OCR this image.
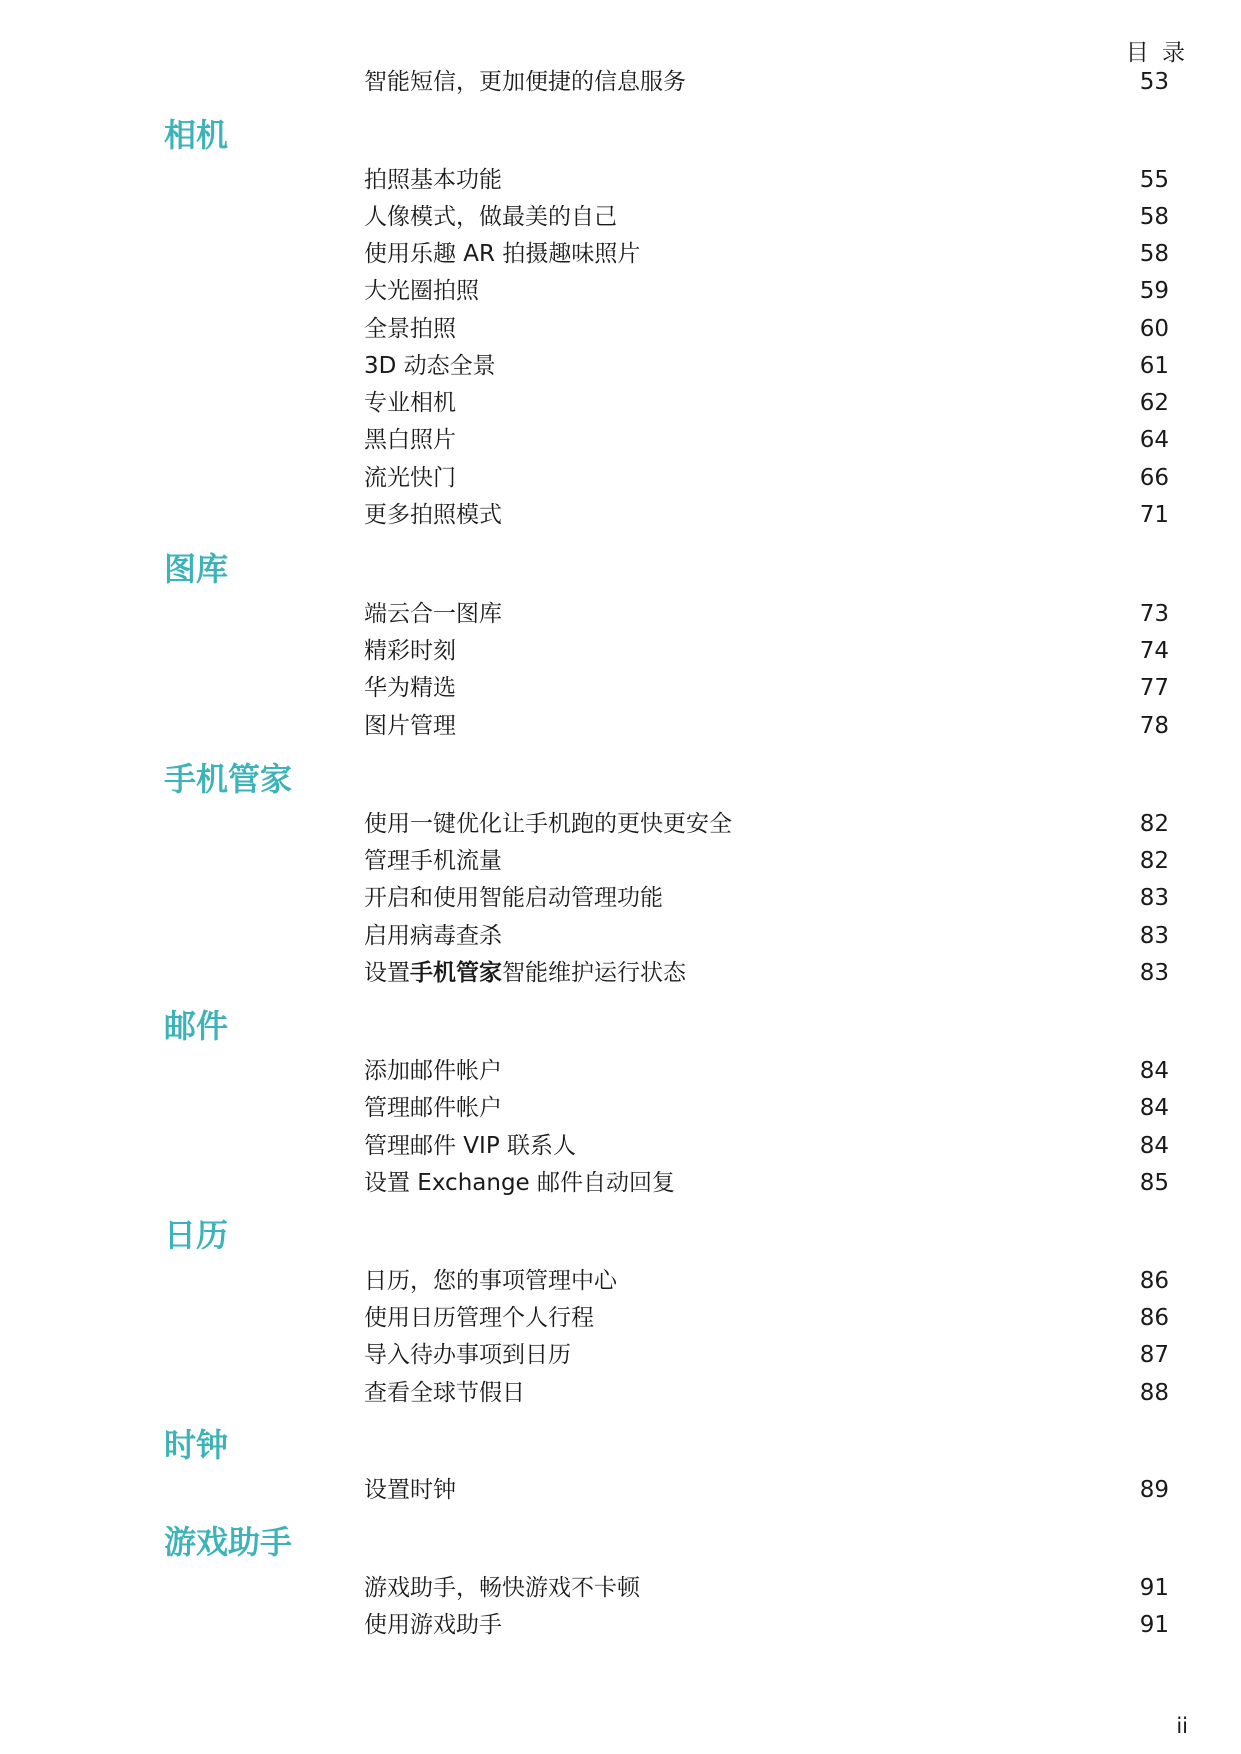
目 录
智能短信，更加便捷的信息服务	53
相机
拍照基本功能	55
人像模式，做最美的自己	58
使用乐趣 AR 拍摄趣味照片	58
大光圈拍照	59
全景拍照	60
3D 动态全景	61
专业相机	62
黑白照片	64
流光快门	66
更多拍照模式	71
图库
端云合一图库	73
精彩时刻	74
华为精选	77
图片管理	78
手机管家
使用一键优化让手机跑的更快更安全	82
管理手机流量	82
开启和使用智能启动管理功能	83
启用病毒查杀	83
设置手机管家智能维护运行状态	83
邮件
添加邮件帐户	84
管理邮件帐户	84
管理邮件 VIP 联系人	84
设置 Exchange 邮件自动回复	85
日历
日历，您的事项管理中心	86
使用日历管理个人行程	86
导入待办事项到日历	87
查看全球节假日	88
时钟
设置时钟	89
游戏助手
游戏助手，畅快游戏不卡顿	91
使用游戏助手	91
ii
